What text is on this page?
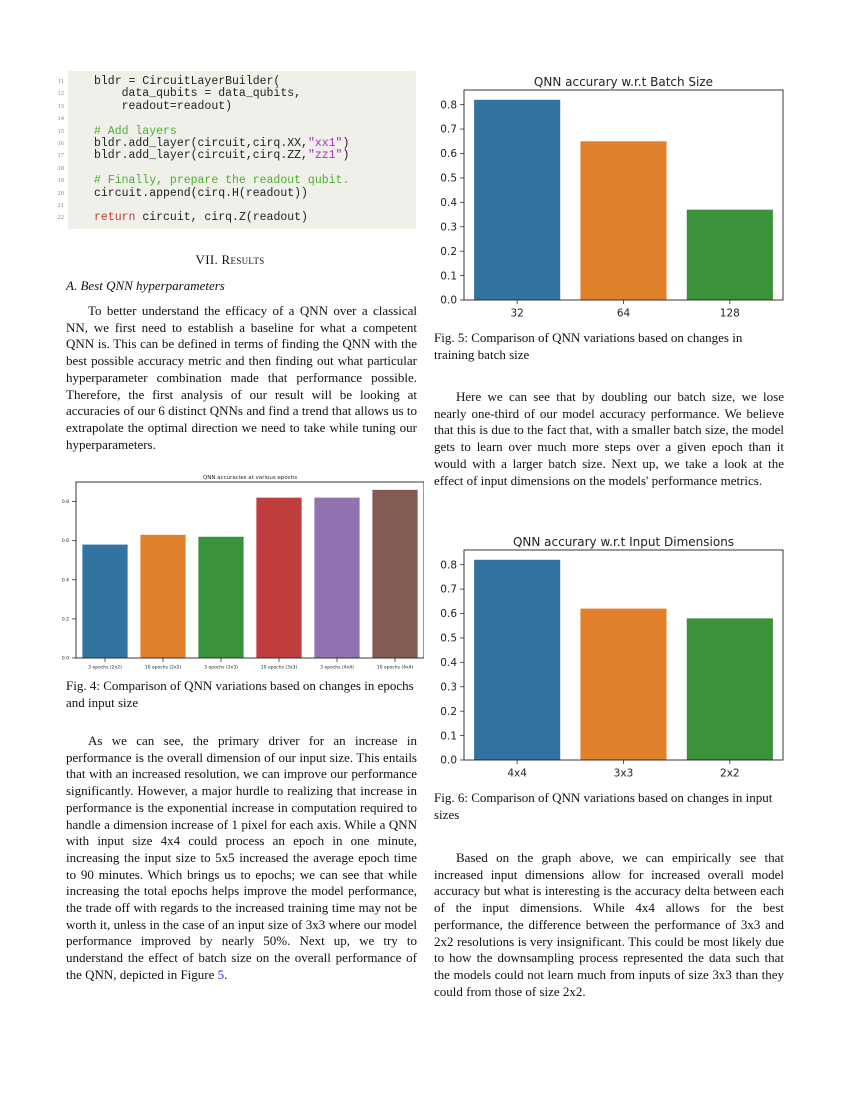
11	bldr = CircuitLayerBuilder(
12	data_qubits = data_qubits,
13	readout=readout)
14
15	# Add layers
16	bldr.add_layer(circuit,cirq.XX,"xx1")
17	bldr.add_layer(circuit,cirq.ZZ,"zz1")
18
19	# Finally, prepare the readout qubit.
20	circuit.append(cirq.H(readout))
21
22	return circuit, cirq.Z(readout)
VII. Results
A. Best QNN hyperparameters

To better understand the efficacy of a QNN over a classical NN, we first need to establish a baseline for what a competent QNN is. This can be defined in terms of finding the QNN with the best possible accuracy metric and then finding out what particular hyperparameter combination made that performance possible. Therefore, the first analysis of our result will be looking at accuracies of our 6 distinct QNNs and find a trend that allows us to extrapolate the optimal direction we need to take while tuning our hyperparameters.

QNN accuracies at various epochs
0.0
0.2
0.4
0.6
0.8
3 epochs (2x2)	10 epochs (2x2)	3 epochs (3x3)	10 epochs (3x3)	3 epochs (4x4)	10 epochs (4x4)

Fig. 4: Comparison of QNN variations based on changes in epochs and input size

As we can see, the primary driver for an increase in performance is the overall dimension of our input size. This entails that with an increased resolution, we can improve our performance significantly. However, a major hurdle to realizing that increase in performance is the exponential increase in computation required to handle a dimension increase of 1 pixel for each axis. While a QNN with input size 4x4 could process an epoch in one minute, increasing the input size to 5x5 increased the average epoch time to 90 minutes. Which brings us to epochs; we can see that while increasing the total epochs helps improve the model performance, the trade off with regards to the increased training time may not be worth it, unless in the case of an input size of 3x3 where our model performance improved by nearly 50%. Next up, we try to understand the effect of batch size on the overall performance of the QNN, depicted in Figure 5.

QNN accurary w.r.t Batch Size
0.0
0.1
0.2
0.3
0.4
0.5
0.6
0.7
0.8
32	64	128

Fig. 5: Comparison of QNN variations based on changes in training batch size

Here we can see that by doubling our batch size, we lose nearly one-third of our model accuracy performance. We believe that this is due to the fact that, with a smaller batch size, the model gets to learn over much more steps over a given epoch than it would with a larger batch size. Next up, we take a look at the effect of input dimensions on the models' performance metrics.

QNN accurary w.r.t Input Dimensions
0.0
0.1
0.2
0.3
0.4
0.5
0.6
0.7
0.8
4x4	3x3	2x2

Fig. 6: Comparison of QNN variations based on changes in input sizes

Based on the graph above, we can empirically see that increased input dimensions allow for increased overall model accuracy but what is interesting is the accuracy delta between each of the input dimensions. While 4x4 allows for the best performance, the difference between the performance of 3x3 and 2x2 resolutions is very insignificant. This could be most likely due to how the downsampling process represented the data such that the models could not learn much from inputs of size 3x3 than they could from those of size 2x2.
